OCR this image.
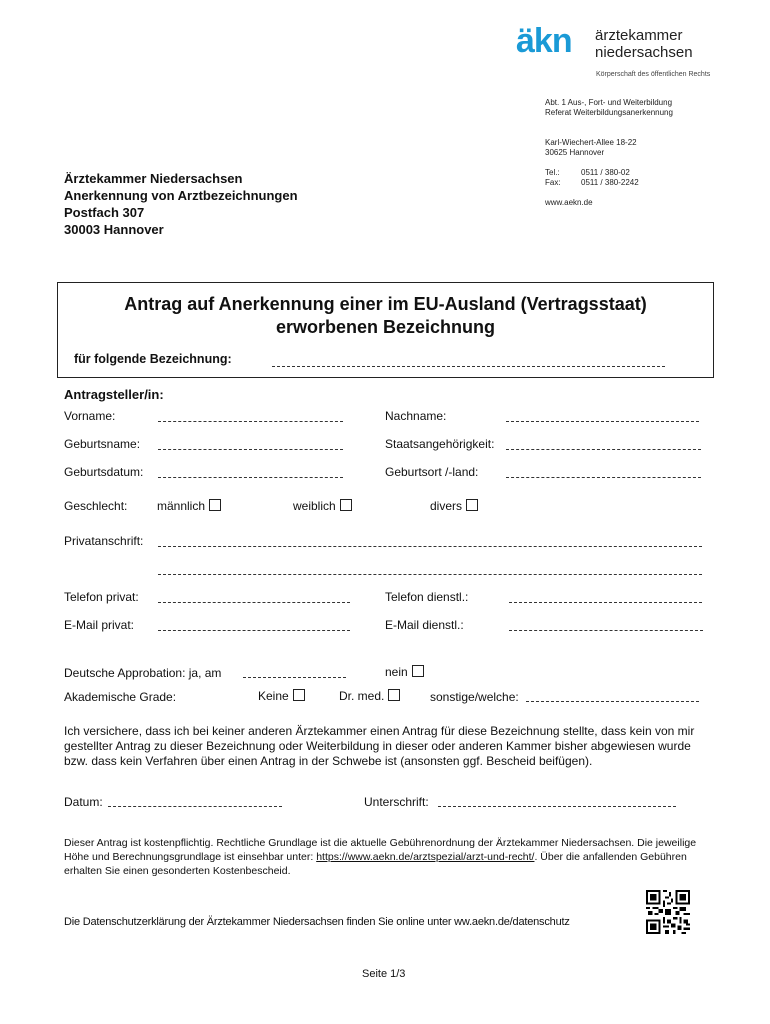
äkn ärztekammer
niedersachsen
Körperschaft des öffentlichen Rechts
Abt. 1 Aus-, Fort- und Weiterbildung
Referat Weiterbildungsanerkennung
Karl-Wiechert-Allee 18-22
30625 Hannover
Tel.:	0511 / 380-02
Fax:	0511 / 380-2242
www.aekn.de
Ärztekammer Niedersachsen
Anerkennung von Arztbezeichnungen
Postfach 307
30003 Hannover
Antrag auf Anerkennung einer im EU-Ausland (Vertragsstaat)
erworbenen Bezeichnung
für folgende Bezeichnung:
Antragsteller/in:
Vorname:	Nachname:
Geburtsname:	Staatsangehörigkeit:
Geburtsdatum:	Geburtsort /-land:
Geschlecht: männlich	weiblich	divers
Privatanschrift:
Telefon privat:	Telefon dienstl.:
E-Mail privat:	E-Mail dienstl.:
Deutsche Approbation: ja, am	nein
Akademische Grade:	Keine	Dr. med.	sonstige/welche:
Ich versichere, dass ich bei keiner anderen Ärztekammer einen Antrag für diese Bezeichnung stellte, dass kein von mir gestellter Antrag zu dieser Bezeichnung oder Weiterbildung in dieser oder anderen Kammer bisher abgewiesen wurde bzw. dass kein Verfahren über einen Antrag in der Schwebe ist (ansonsten ggf. Bescheid beifügen).
Datum:	Unterschrift:
Dieser Antrag ist kostenpflichtig. Rechtliche Grundlage ist die aktuelle Gebührenordnung der Ärztekammer Niedersachsen. Die jeweilige Höhe und Berechnungsgrundlage ist einsehbar unter: https://www.aekn.de/arztspezial/arzt-und-recht/. Über die anfallenden Gebühren erhalten Sie einen gesonderten Kostenbescheid.
Die Datenschutzerklärung der Ärztekammer Niedersachsen finden Sie online unter ww.aekn.de/datenschutz
Seite 1/3
